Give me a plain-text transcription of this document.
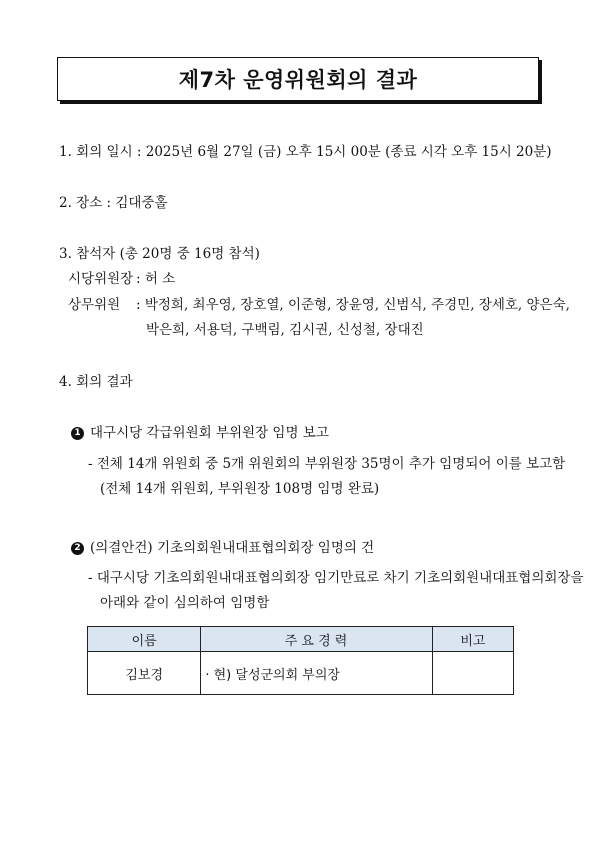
제7차 운영위원회의 결과
1. 회의 일시 : 2025년 6월 27일 (금) 오후 15시 00분 (종료 시각 오후 15시 20분)
2. 장소 : 김대중홀
3. 참석자 (총 20명 중 16명 참석)
시당위원장 : 허 소
상무위원 : 박정희, 최우영, 장호열, 이준형, 장윤영, 신범식, 주경민, 장세호, 양은숙,
박은희, 서용덕, 구백림, 김시권, 신성철, 장대진
4. 회의 결과
1 대구시당 각급위원회 부위원장 임명 보고
- 전체 14개 위원회 중 5개 위원회의 부위원장 35명이 추가 임명되어 이를 보고함
(전체 14개 위원회, 부위원장 108명 임명 완료)
2 (의결안건) 기초의회원내대표협의회장 임명의 건
- 대구시당 기초의회원내대표협의회장 임기만료로 차기 기초의회원내대표협의회장을
아래와 같이 심의하여 임명함
이름	주 요 경 력	비고
김보경	· 현) 달성군의회 부의장	
